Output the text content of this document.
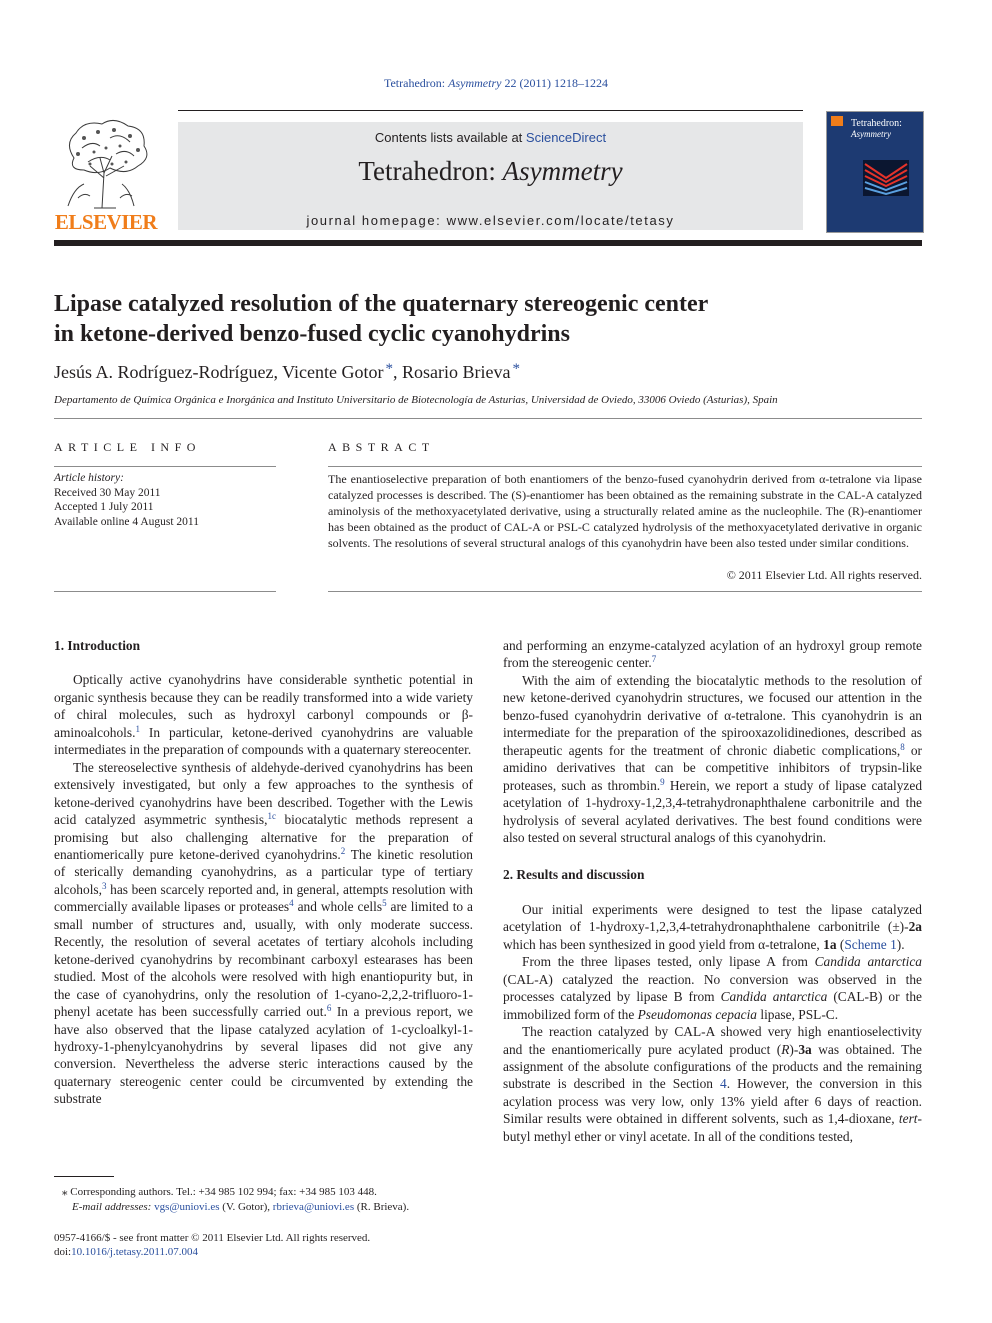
Tetrahedron: Asymmetry 22 (2011) 1218–1224
ELSEVIER
Contents lists available at ScienceDirect
Tetrahedron: Asymmetry
journal homepage: www.elsevier.com/locate/tetasy
Tetrahedron:
Asymmetry
Lipase catalyzed resolution of the quaternary stereogenic center
in ketone-derived benzo-fused cyclic cyanohydrins
Jesús A. Rodríguez-Rodríguez, Vicente Gotor *, Rosario Brieva *
Departamento de Química Orgánica e Inorgánica and Instituto Universitario de Biotecnología de Asturias, Universidad de Oviedo, 33006 Oviedo (Asturias), Spain
ARTICLE INFO
Article history:
Received 30 May 2011
Accepted 1 July 2011
Available online 4 August 2011
ABSTRACT
The enantioselective preparation of both enantiomers of the benzo-fused cyanohydrin derived from α-tetralone via lipase catalyzed processes is described. The (S)-enantiomer has been obtained as the remaining substrate in the CAL-A catalyzed aminolysis of the methoxyacetylated derivative, using a structurally related amine as the nucleophile. The (R)-enantiomer has been obtained as the product of CAL-A or PSL-C catalyzed hydrolysis of the methoxyacetylated derivative in organic solvents. The resolutions of several structural analogs of this cyanohydrin have been also tested under similar conditions.
© 2011 Elsevier Ltd. All rights reserved.

1. Introduction

Optically active cyanohydrins have considerable synthetic potential in organic synthesis because they can be readily transformed into a wide variety of chiral molecules, such as hydroxyl carbonyl compounds or β-aminoalcohols.$^1$ In particular, ketone-derived cyanohydrins are valuable intermediates in the preparation of compounds with a quaternary stereocenter.

The stereoselective synthesis of aldehyde-derived cyanohydrins has been extensively investigated, but only a few approaches to the synthesis of ketone-derived cyanohydrins have been described. Together with the Lewis acid catalyzed asymmetric synthesis,$^{1c}$ biocatalytic methods represent a promising but also challenging alternative for the preparation of enantiomerically pure ketone-derived cyanohydrins.$^2$ The kinetic resolution of sterically demanding cyanohydrins, as a particular type of tertiary alcohols,$^3$ has been scarcely reported and, in general, attempts resolution with commercially available lipases or proteases$^4$ and whole cells$^5$ are limited to a small number of structures and, usually, with only moderate success. Recently, the resolution of several acetates of tertiary alcohols including ketone-derived cyanohydrins by recombinant carboxyl estearases has been studied. Most of the alcohols were resolved with high enantiopurity but, in the case of cyanohydrins, only the resolution of 1-cyano-2,2,2-trifluoro-1-phenyl acetate has been successfully carried out.$^6$ In a previous report, we have also observed that the lipase catalyzed acylation of 1-cycloalkyl-1-hydroxy-1-phenylcyanohydrins by several lipases did not give any conversion. Nevertheless the adverse steric interactions caused by the quaternary stereogenic center could be circumvented by extending the substrate

⁎ Corresponding authors. Tel.: +34 985 102 994; fax: +34 985 103 448.
E-mail addresses: vgs@uniovi.es (V. Gotor), rbrieva@uniovi.es (R. Brieva).
0957-4166/$ - see front matter © 2011 Elsevier Ltd. All rights reserved.
doi:10.1016/j.tetasy.2011.07.004

and performing an enzyme-catalyzed acylation of an hydroxyl group remote from the stereogenic center.$^7$

With the aim of extending the biocatalytic methods to the resolution of new ketone-derived cyanohydrin structures, we focused our attention in the benzo-fused cyanohydrin derivative of α-tetralone. This cyanohydrin is an intermediate for the preparation of the spirooxazolidinediones, described as therapeutic agents for the treatment of chronic diabetic complications,$^8$ or amidino derivatives that can be competitive inhibitors of trypsin-like proteases, such as thrombin.$^9$ Herein, we report a study of lipase catalyzed acetylation of 1-hydroxy-1,2,3,4-tetrahydronaphthalene carbonitrile and the hydrolysis of several acylated derivatives. The best found conditions were also tested on several structural analogs of this cyanohydrin.

2. Results and discussion

Our initial experiments were designed to test the lipase catalyzed acetylation of 1-hydroxy-1,2,3,4-tetrahydronaphthalene carbonitrile (±)-2a which has been synthesized in good yield from α-tetralone, 1a (Scheme 1).

From the three lipases tested, only lipase A from Candida antarctica (CAL-A) catalyzed the reaction. No conversion was observed in the processes catalyzed by lipase B from Candida antarctica (CAL-B) or the immobilized form of the Pseudomonas cepacia lipase, PSL-C.

The reaction catalyzed by CAL-A showed very high enantioselectivity and the enantiomerically pure acylated product (R)-3a was obtained. The assignment of the absolute configurations of the products and the remaining substrate is described in the Section 4. However, the conversion in this acylation process was very low, only 13% yield after 6 days of reaction. Similar results were obtained in different solvents, such as 1,4-dioxane, tert-butyl methyl ether or vinyl acetate. In all of the conditions tested,
